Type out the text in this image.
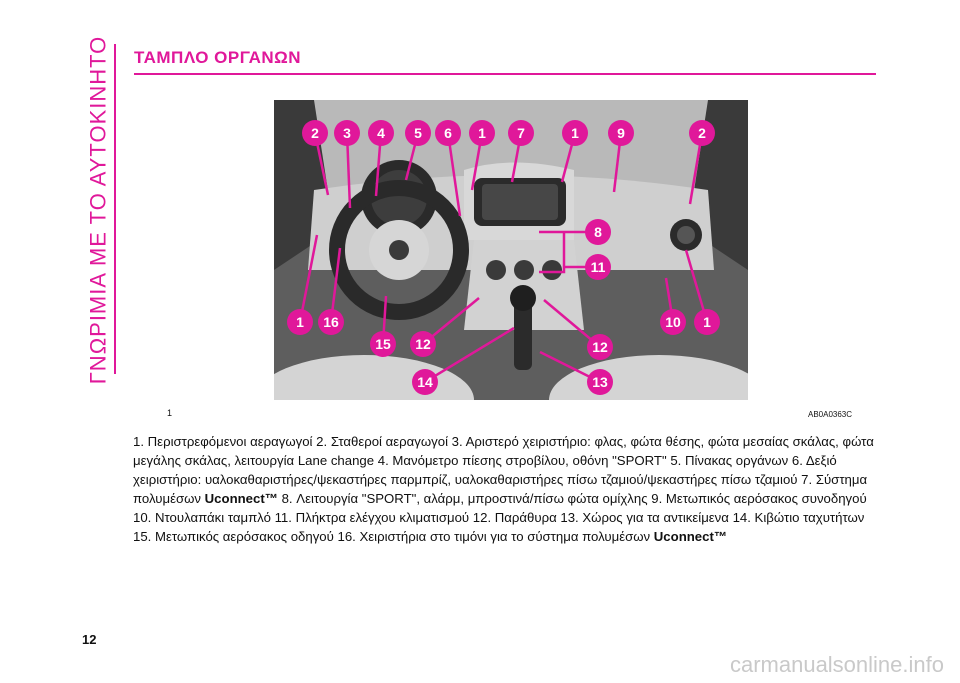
ΓΝΩΡΙΜΙΑ ΜΕ ΤΟ ΑΥΤΟΚΙΝΗΤΟ ΤΑΜΠΛΟ ΟΡΓΑΝΩΝ
2 3 4 5 6 1 7	1	9	2
8
11
1 16
15 12
14	13
12
10 1
1	AB0A0363C
1. Περιστρεφόμενοι αεραγωγοί 2. Σταθεροί αεραγωγοί 3. Αριστερό χειριστήριο: φλας, φώτα θέσης, φώτα μεσαίας σκάλας, φώτα μεγάλης σκάλας, λειτουργία Lane change 4. Μανόμετρο πίεσης στροβίλου, οθόνη "SPORT" 5. Πίνακας οργάνων 6. Δεξιό χειριστήριο: υαλοκαθαριστήρες/ψεκαστήρες παρμπρίζ, υαλοκαθαριστήρες πίσω τζαμιού/ψεκαστήρες πίσω τζαμιού 7. Σύστημα πολυμέσων Uconnect™ 8. Λειτουργία "SPORT", αλάρμ, μπροστινά/πίσω φώτα ομίχλης 9. Μετωπικός αερόσακος συνοδηγού 10. Ντουλαπάκι ταμπλό 11. Πλήκτρα ελέγχου κλιματισμού 12. Παράθυρα 13. Χώρος για τα αντικείμενα 14. Κιβώτιο ταχυτήτων 15. Μετωπικός αερόσακος οδηγού 16. Χειριστήρια στο τιμόνι για το σύστημα πολυμέσων Uconnect™
12
carmanualsonline.info
